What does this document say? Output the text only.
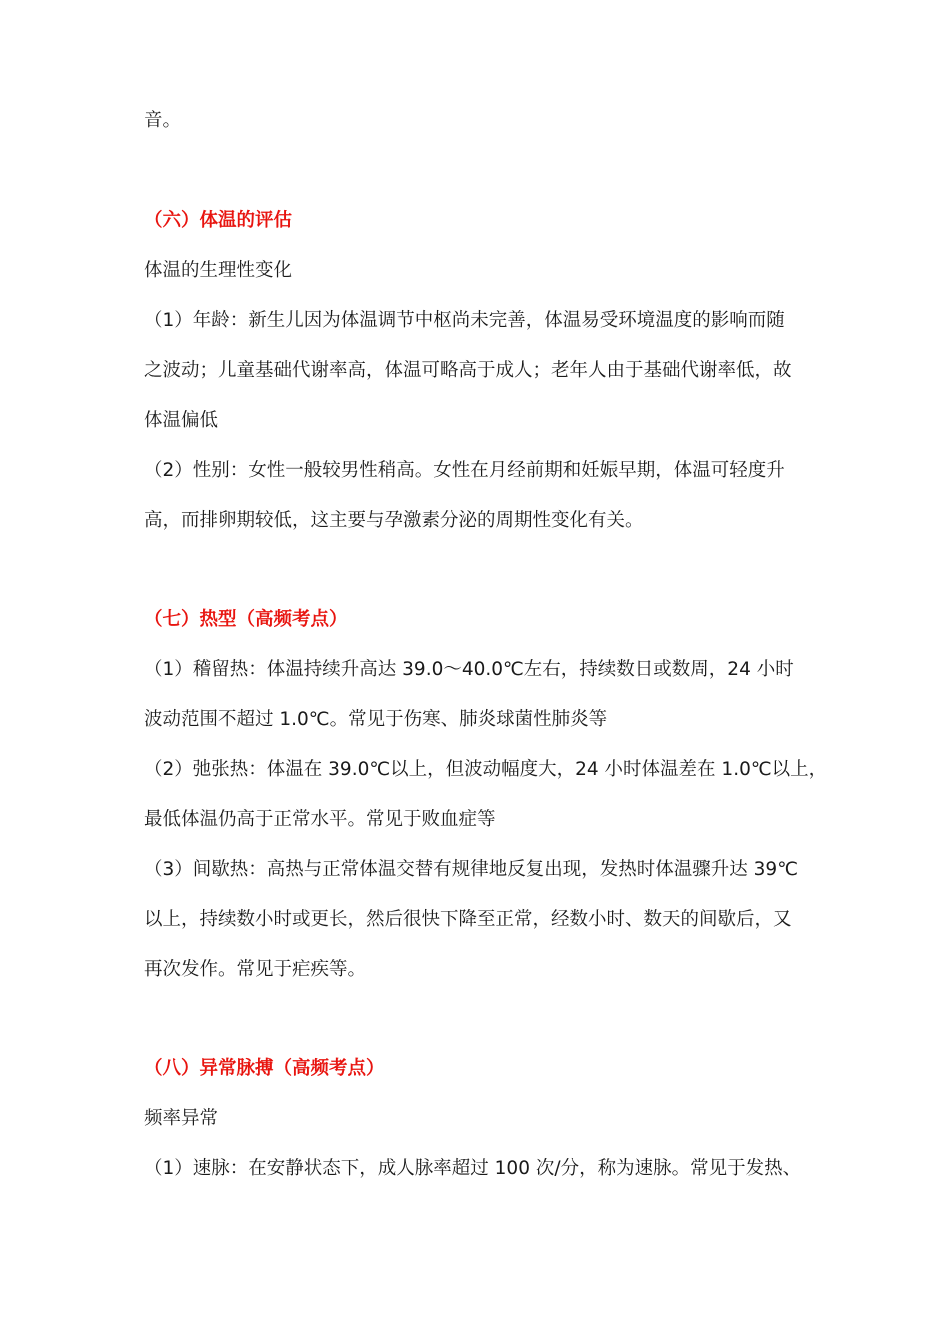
音。
（六）体温的评估
体温的生理性变化
（1）年龄：新生儿因为体温调节中枢尚未完善，体温易受环境温度的影响而随
之波动；儿童基础代谢率高，体温可略高于成人；老年人由于基础代谢率低，故
体温偏低
（2）性别：女性一般较男性稍高。女性在月经前期和妊娠早期，体温可轻度升
高，而排卵期较低，这主要与孕激素分泌的周期性变化有关。
（七）热型（高频考点）
（1）稽留热：体温持续升高达 39.0～40.0℃左右，持续数日或数周，24 小时
波动范围不超过 1.0℃。常见于伤寒、肺炎球菌性肺炎等
（2）弛张热：体温在 39.0℃以上，但波动幅度大，24 小时体温差在 1.0℃以上，
最低体温仍高于正常水平。常见于败血症等
（3）间歇热：高热与正常体温交替有规律地反复出现，发热时体温骤升达 39℃
以上，持续数小时或更长，然后很快下降至正常，经数小时、数天的间歇后，又
再次发作。常见于疟疾等。
（八）异常脉搏（高频考点）
频率异常
（1）速脉：在安静状态下，成人脉率超过 100 次/分，称为速脉。常见于发热、
